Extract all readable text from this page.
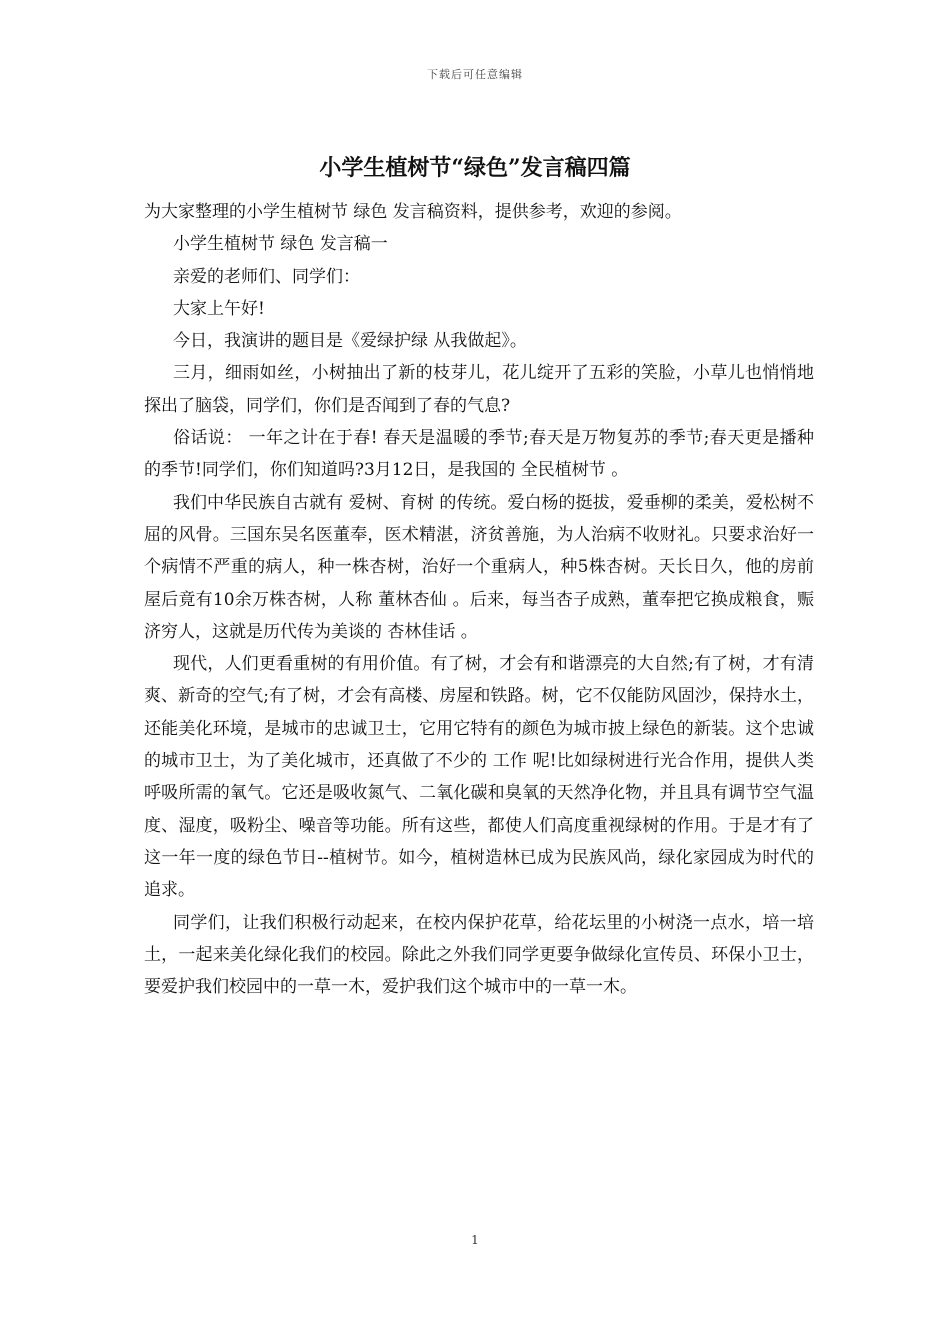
下载后可任意编辑
小学生植树节“绿色”发言稿四篇

为大家整理的小学生植树节 绿色 发言稿资料，提供参考，欢迎的参阅。

小学生植树节 绿色 发言稿一

亲爱的老师们、同学们：

大家上午好!

今日，我演讲的题目是《爱绿护绿 从我做起》。

三月，细雨如丝，小树抽出了新的枝芽儿，花儿绽开了五彩的笑脸，小草儿也悄悄地探出了脑袋，同学们，你们是否闻到了春的气息?

俗话说： 一年之计在于春! 春天是温暖的季节;春天是万物复苏的季节;春天更是播种的季节!同学们，你们知道吗?3月12日，是我国的 全民植树节 。

我们中华民族自古就有 爱树、育树 的传统。爱白杨的挺拔，爱垂柳的柔美，爱松树不屈的风骨。三国东吴名医董奉，医术精湛，济贫善施，为人治病不收财礼。只要求治好一个病情不严重的病人，种一株杏树，治好一个重病人，种5株杏树。天长日久，他的房前屋后竟有10余万株杏树，人称 董林杏仙 。后来，每当杏子成熟，董奉把它换成粮食，赈济穷人，这就是历代传为美谈的 杏林佳话 。

现代，人们更看重树的有用价值。有了树，才会有和谐漂亮的大自然;有了树，才有清爽、新奇的空气;有了树，才会有高楼、房屋和铁路。树，它不仅能防风固沙，保持水土，还能美化环境，是城市的忠诚卫士，它用它特有的颜色为城市披上绿色的新装。这个忠诚的城市卫士，为了美化城市，还真做了不少的 工作 呢!比如绿树进行光合作用，提供人类呼吸所需的氧气。它还是吸收氮气、二氧化碳和臭氧的天然净化物，并且具有调节空气温度、湿度，吸粉尘、噪音等功能。所有这些，都使人们高度重视绿树的作用。于是才有了这一年一度的绿色节日--植树节。如今，植树造林已成为民族风尚，绿化家园成为时代的追求。

同学们，让我们积极行动起来，在校内保护花草，给花坛里的小树浇一点水，培一培土，一起来美化绿化我们的校园。除此之外我们同学更要争做绿化宣传员、环保小卫士，要爱护我们校园中的一草一木，爱护我们这个城市中的一草一木。

1
